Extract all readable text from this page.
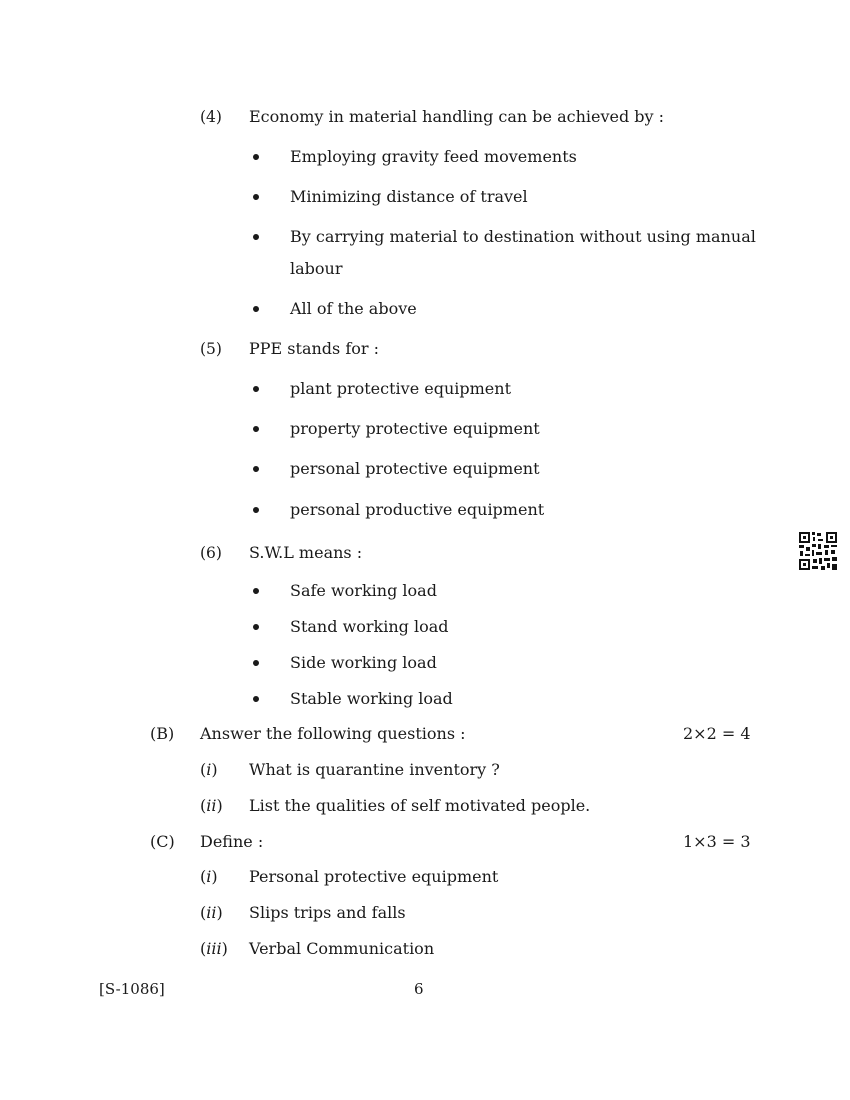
(4) Economy in material handling can be achieved by :
Employing gravity feed movements
Minimizing distance of travel
By carrying material to destination without using manual
labour
All of the above
(5) PPE stands for :
plant protective equipment
property protective equipment
personal protective equipment
personal productive equipment
(6) S.W.L means :
Safe working load
Stand working load
Side working load
Stable working load
(B) Answer the following questions :	2×2 = 4
(i) What is quarantine inventory ?
(ii) List the qualities of self motivated people.
(C) Define :	1×3 = 3
(i) Personal protective equipment
(ii) Slips trips and falls
(iii) Verbal Communication
[S-1086]	6
